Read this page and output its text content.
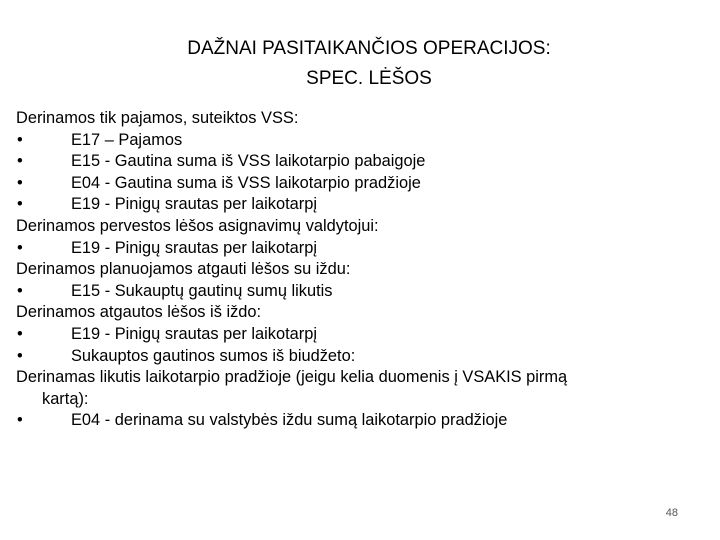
DAŽNAI PASITAIKANČIOS OPERACIJOS:
SPEC. LĖŠOS
Derinamos tik pajamos, suteiktos VSS:
•	E17 – Pajamos
•	E15 - Gautina suma iš VSS laikotarpio pabaigoje
•	E04 - Gautina suma iš VSS laikotarpio pradžioje
•	E19 - Pinigų srautas per laikotarpį
Derinamos pervestos lėšos asignavimų valdytojui:
•	E19 - Pinigų srautas per laikotarpį
Derinamos planuojamos atgauti lėšos su iždu:
•	E15 - Sukauptų gautinų sumų likutis
Derinamos atgautos lėšos iš iždo:
•	E19 - Pinigų srautas per laikotarpį
•	Sukauptos gautinos sumos iš biudžeto:
Derinamas likutis laikotarpio pradžioje (jeigu kelia duomenis į VSAKIS pirmą
kartą):
•	E04 - derinama su valstybės iždu sumą laikotarpio pradžioje
48
